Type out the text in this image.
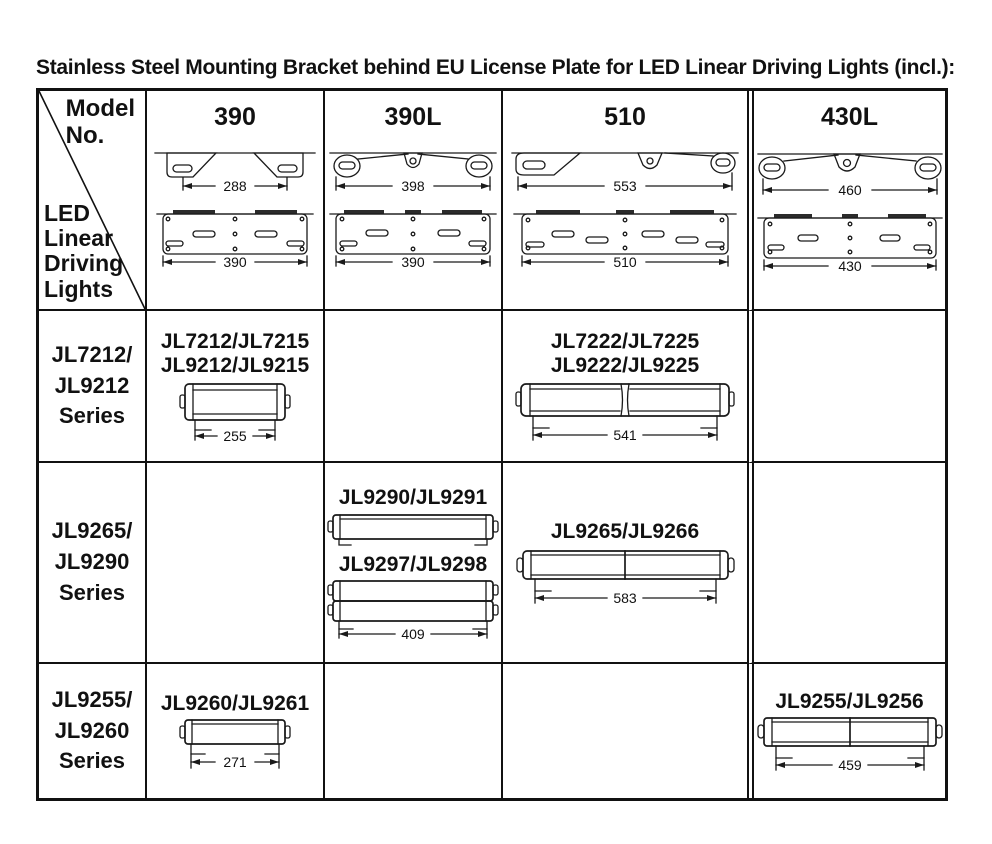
Stainless Steel Mounting Bracket behind EU License Plate for LED Linear Driving Lights (incl.):
Model
No.
LED
Linear
Driving
Lights
390
288
390
390L
398
390
510
553
510
430L
460
430
JL7212/
JL9212
Series
JL7212/JL7215
JL9212/JL9215
255
JL7222/JL7225
JL9222/JL9225
541
JL9265/
JL9290
Series
JL9290/JL9291
JL9297/JL9298
409
JL9265/JL9266
583
JL9255/
JL9260
Series
JL9260/JL9261
271
JL9255/JL9256
459
